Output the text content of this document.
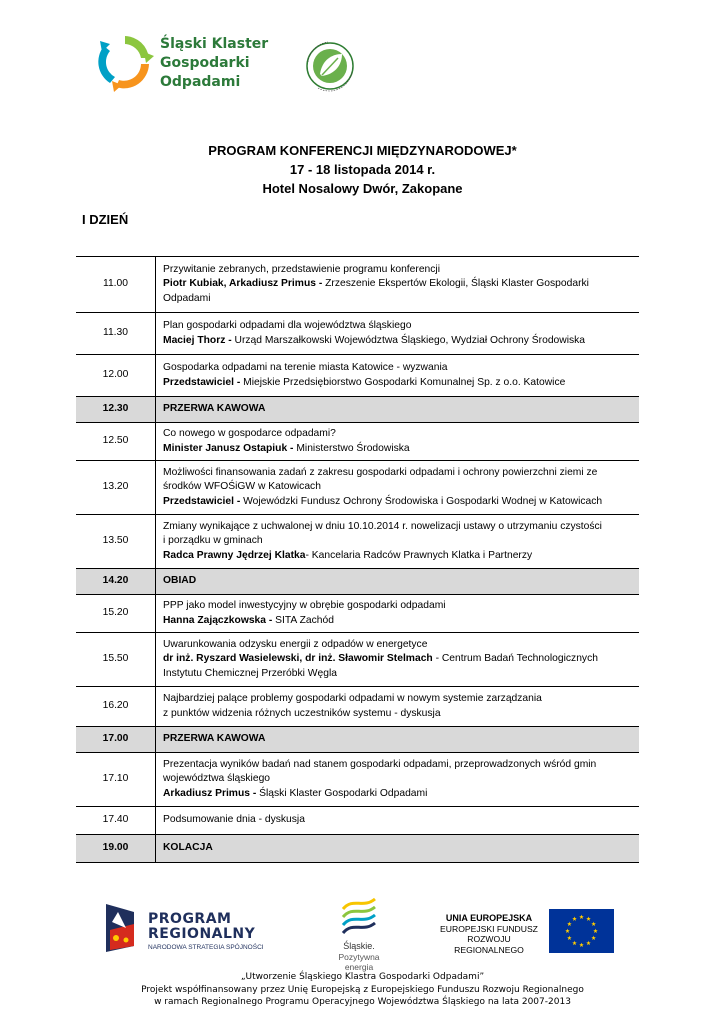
Śląski Klaster
Gospodarki
Odpadami
PROGRAM KONFERENCJI MIĘDZYNARODOWEJ*
17 - 18 listopada 2014 r.
Hotel Nosalowy Dwór, Zakopane
I DZIEŃ
11.00	Przywitanie zebranych, przedstawienie programu konferencji
Piotr Kubiak, Arkadiusz Primus - Zrzeszenie Ekspertów Ekologii, Śląski Klaster Gospodarki
Odpadami

11.30	Plan gospodarki odpadami dla województwa śląskiego
Maciej Thorz - Urząd Marszałkowski Województwa Śląskiego, Wydział Ochrony Środowiska

12.00	Gospodarka odpadami na terenie miasta Katowice - wyzwania
Przedstawiciel - Miejskie Przedsiębiorstwo Gospodarki Komunalnej Sp. z o.o. Katowice

12.30	PRZERWA KAWOWA

12.50	Co nowego w gospodarce odpadami?
Minister Janusz Ostapiuk - Ministerstwo Środowiska

13.20	Możliwości finansowania zadań z zakresu gospodarki odpadami i ochrony powierzchni ziemi ze
środków WFOŚiGW w Katowicach
Przedstawiciel - Wojewódzki Fundusz Ochrony Środowiska i Gospodarki Wodnej w Katowicach

13.50	Zmiany wynikające z uchwalonej w dniu 10.10.2014 r. nowelizacji ustawy o utrzymaniu czystości
i porządku w gminach
Radca Prawny Jędrzej Klatka- Kancelaria Radców Prawnych Klatka i Partnerzy

14.20	OBIAD

15.20	PPP jako model inwestycyjny w obrębie gospodarki odpadami
Hanna Zajączkowska - SITA Zachód

15.50	Uwarunkowania odzysku energii z odpadów w energetyce
dr inż. Ryszard Wasielewski, dr inż. Sławomir Stelmach - Centrum Badań Technologicznych
Instytutu Chemicznej Przeróbki Węgla

16.20	Najbardziej palące problemy gospodarki odpadami w nowym systemie zarządzania
z punktów widzenia różnych uczestników systemu - dyskusja

17.00	PRZERWA KAWOWA

17.10	Prezentacja wyników badań nad stanem gospodarki odpadami, przeprowadzonych wśród gmin
województwa śląskiego
Arkadiusz Primus - Śląski Klaster Gospodarki Odpadami

17.40	Podsumowanie dnia - dyskusja

19.00	KOLACJA
PROGRAM
REGIONALNY
NARODOWA STRATEGIA SPÓJNOŚCI	Śląskie.
Pozytywna energia
UNIA EUROPEJSKA
EUROPEJSKI FUNDUSZ
ROZWOJU REGIONALNEGO
„Utworzenie Śląskiego Klastra Gospodarki Odpadami”
Projekt współfinansowany przez Unię Europejską z Europejskiego Funduszu Rozwoju Regionalnego
w ramach Regionalnego Programu Operacyjnego Województwa Śląskiego na lata 2007-2013
